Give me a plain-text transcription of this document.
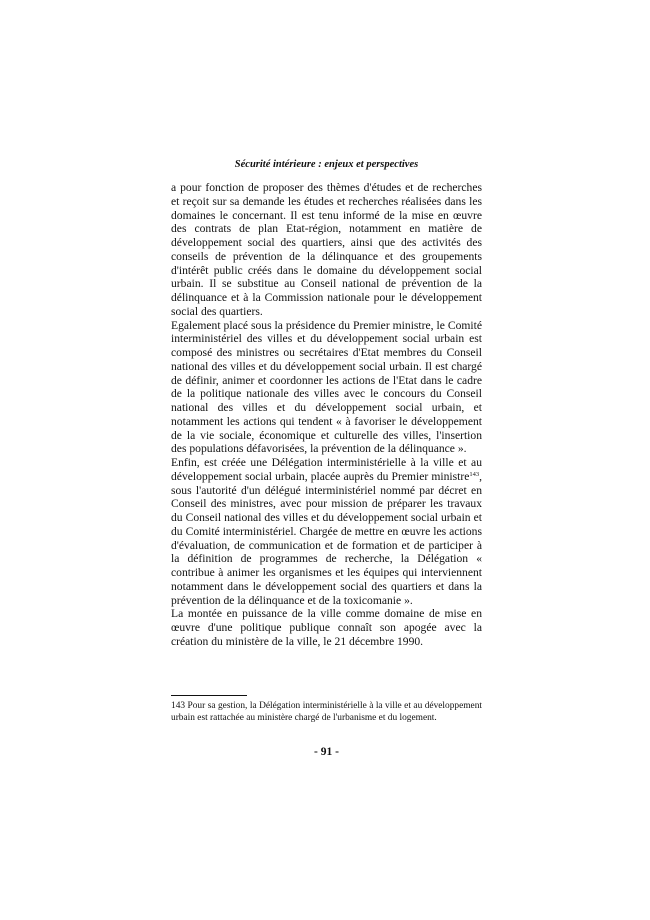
Sécurité intérieure : enjeux et perspectives

a pour fonction de proposer des thèmes d'études et de recherches et reçoit sur sa demande les études et recherches réalisées dans les domaines le concernant. Il est tenu informé de la mise en œuvre des contrats de plan Etat-région, notamment en matière de développement social des quartiers, ainsi que des activités des conseils de prévention de la délinquance et des groupements d'intérêt public créés dans le domaine du développement social urbain. Il se substitue au Conseil national de prévention de la délinquance et à la Commission nationale pour le développement social des quartiers.

Egalement placé sous la présidence du Premier ministre, le Comité interministériel des villes et du développement social urbain est composé des ministres ou secrétaires d'Etat membres du Conseil national des villes et du développement social urbain. Il est chargé de définir, animer et coordonner les actions de l'Etat dans le cadre de la politique nationale des villes avec le concours du Conseil national des villes et du développement social urbain, et notamment les actions qui tendent « à favoriser le développement de la vie sociale, économique et culturelle des villes, l'insertion des populations défavorisées, la prévention de la délinquance ».

Enfin, est créée une Délégation interministérielle à la ville et au développement social urbain, placée auprès du Premier ministre$^{143}$, sous l'autorité d'un délégué interministériel nommé par décret en Conseil des ministres, avec pour mission de préparer les travaux du Conseil national des villes et du développement social urbain et du Comité interministériel. Chargée de mettre en œuvre les actions d'évaluation, de communication et de formation et de participer à la définition de programmes de recherche, la Délégation « contribue à animer les organismes et les équipes qui interviennent notamment dans le développement social des quartiers et dans la prévention de la délinquance et de la toxicomanie ».

La montée en puissance de la ville comme domaine de mise en œuvre d'une politique publique connaît son apogée avec la création du ministère de la ville, le 21 décembre 1990.

143 Pour sa gestion, la Délégation interministérielle à la ville et au développement urbain est rattachée au ministère chargé de l'urbanisme et du logement.

- 91 -
